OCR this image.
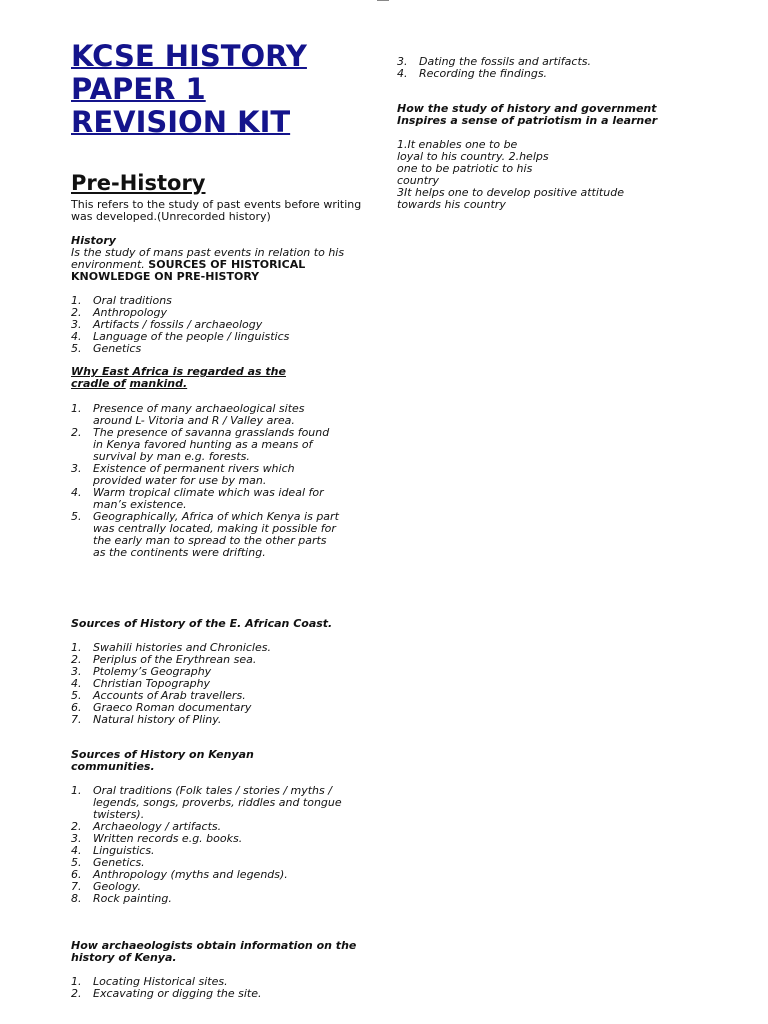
KCSE HISTORY
PAPER 1
REVISION KIT
Pre-History
This refers to the study of past events before writing was developed.(Unrecorded history)
History
Is the study of mans past events in relation to his environment. SOURCES OF HISTORICAL KNOWLEDGE ON PRE-HISTORY
1. Oral traditions
2. Anthropology
3. Artifacts / fossils / archaeology
4. Language of the people / linguistics
5. Genetics
Why East Africa is regarded as the
cradle of mankind.
1. Presence of many archaeological sites around L- Vitoria and R / Valley area.
2. The presence of savanna grasslands found in Kenya favored hunting as a means of survival by man e.g. forests.
3. Existence of permanent rivers which provided water for use by man.
4. Warm tropical climate which was ideal for man’s existence.
5. Geographically, Africa of which Kenya is part was centrally located, making it possible for the early man to spread to the other parts as the continents were drifting.
Sources of History of the E. African Coast.
1. Swahili histories and Chronicles.
2. Periplus of the Erythrean sea.
3. Ptolemy’s Geography
4. Christian Topography
5. Accounts of Arab travellers.
6. Graeco Roman documentary
7. Natural history of Pliny.
Sources of History on Kenyan communities.
1. Oral traditions (Folk tales / stories / myths / legends, songs, proverbs, riddles and tongue twisters).
2. Archaeology / artifacts.
3. Written records e.g. books.
4. Linguistics.
5. Genetics.
6. Anthropology (myths and legends).
7. Geology.
8. Rock painting.
How archaeologists obtain information on the history of Kenya.
1. Locating Historical sites.
2. Excavating or digging the site.
3. Dating the fossils and artifacts.
4. Recording the findings.
How the study of history and government Inspires a sense of patriotism in a learner
1.It enables one to be
loyal to his country. 2.helps
one to be patriotic to his
country
3It helps one to develop positive attitude
towards his country
